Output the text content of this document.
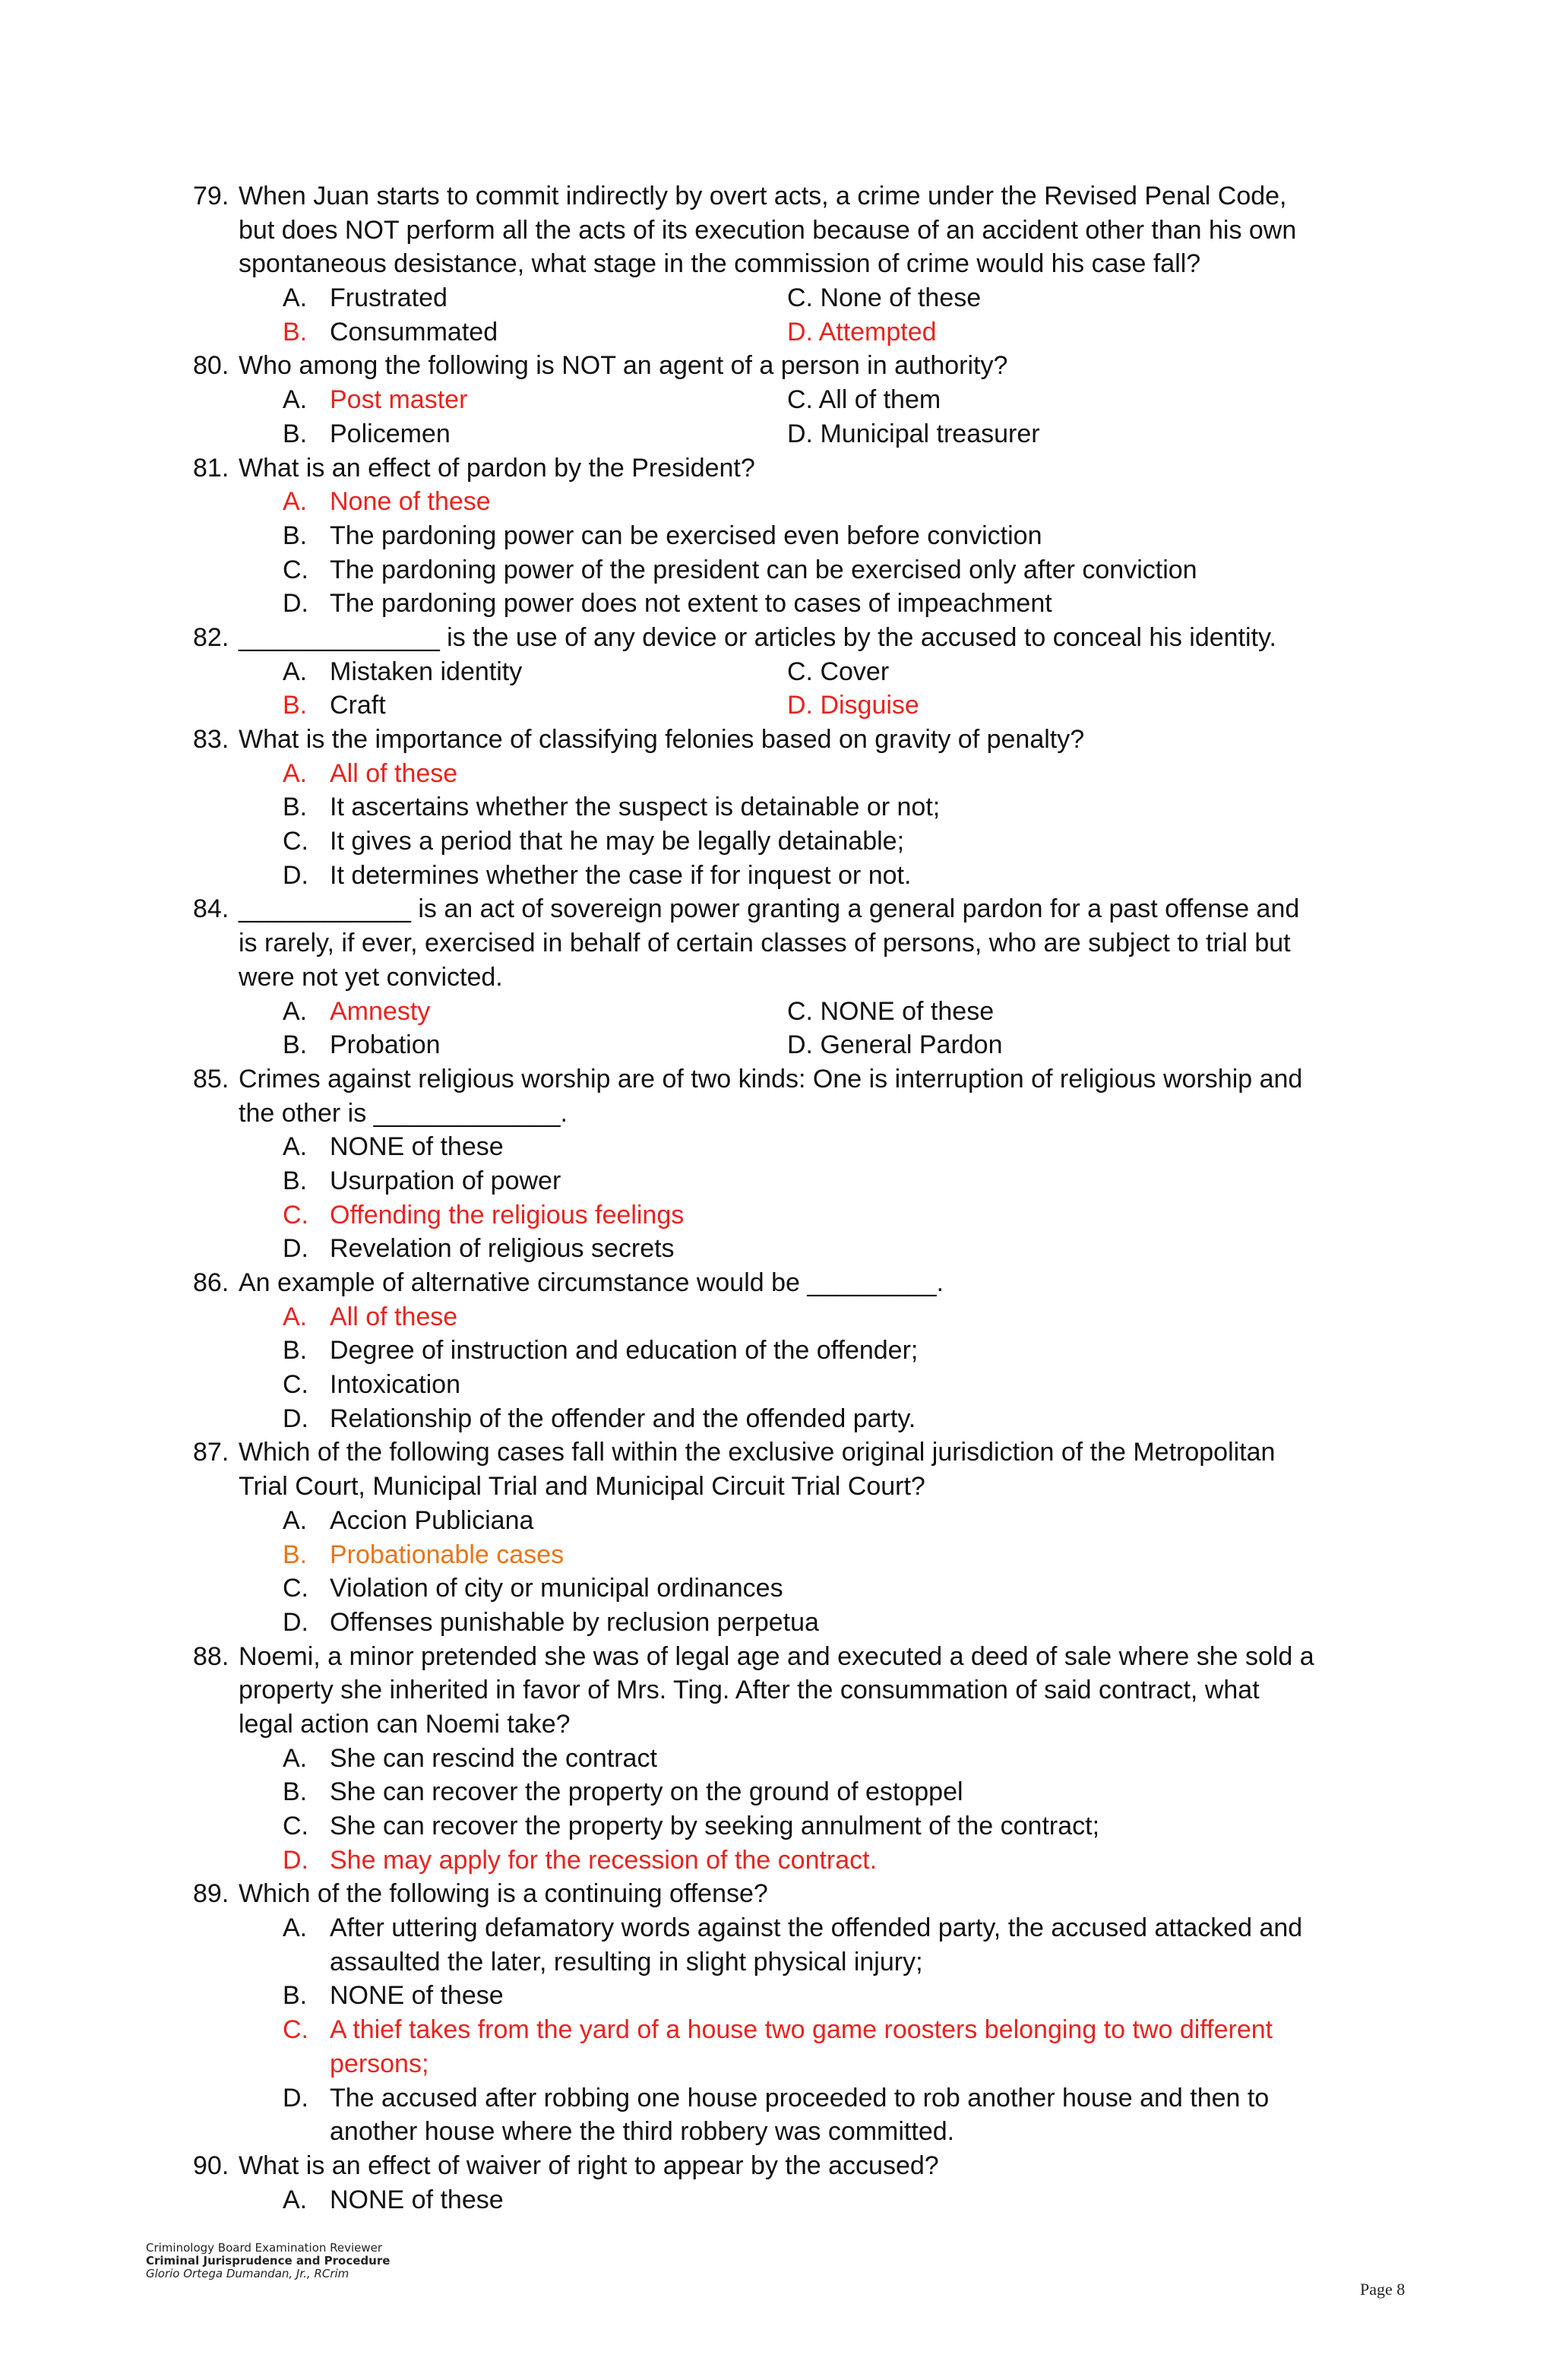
79. When Juan starts to commit indirectly by overt acts, a crime under the Revised Penal Code,
but does NOT perform all the acts of its execution because of an accident other than his own
spontaneous desistance, what stage in the commission of crime would his case fall?
A. Frustrated	C. None of these
B. Consummated	D. Attempted
80. Who among the following is NOT an agent of a person in authority?
A. Post master	C. All of them
B. Policemen	D. Municipal treasurer
81. What is an effect of pardon by the President?
A. None of these
B. The pardoning power can be exercised even before conviction
C. The pardoning power of the president can be exercised only after conviction
D. The pardoning power does not extent to cases of impeachment
82. ______________ is the use of any device or articles by the accused to conceal his identity.
A. Mistaken identity	C. Cover
B. Craft	D. Disguise
83. What is the importance of classifying felonies based on gravity of penalty?
A. All of these
B. It ascertains whether the suspect is detainable or not;
C. It gives a period that he may be legally detainable;
D. It determines whether the case if for inquest or not.
84. ____________ is an act of sovereign power granting a general pardon for a past offense and
is rarely, if ever, exercised in behalf of certain classes of persons, who are subject to trial but
were not yet convicted.
A. Amnesty	C. NONE of these
B. Probation	D. General Pardon
85. Crimes against religious worship are of two kinds: One is interruption of religious worship and
the other is _____________.
A. NONE of these
B. Usurpation of power
C. Offending the religious feelings
D. Revelation of religious secrets
86. An example of alternative circumstance would be _________.
A. All of these
B. Degree of instruction and education of the offender;
C. Intoxication
D. Relationship of the offender and the offended party.
87. Which of the following cases fall within the exclusive original jurisdiction of the Metropolitan
Trial Court, Municipal Trial and Municipal Circuit Trial Court?
A. Accion Publiciana
B. Probationable cases
C. Violation of city or municipal ordinances
D. Offenses punishable by reclusion perpetua
88. Noemi, a minor pretended she was of legal age and executed a deed of sale where she sold a
property she inherited in favor of Mrs. Ting. After the consummation of said contract, what
legal action can Noemi take?
A. She can rescind the contract
B. She can recover the property on the ground of estoppel
C. She can recover the property by seeking annulment of the contract;
D. She may apply for the recession of the contract.
89. Which of the following is a continuing offense?
A. After uttering defamatory words against the offended party, the accused attacked and
assaulted the later, resulting in slight physical injury;
B. NONE of these
C. A thief takes from the yard of a house two game roosters belonging to two different
persons;
D. The accused after robbing one house proceeded to rob another house and then to
another house where the third robbery was committed.
90. What is an effect of waiver of right to appear by the accused?
A. NONE of these
Criminology Board Examination Reviewer
Criminal Jurisprudence and Procedure
Glorio Ortega Dumandan, Jr., RCrim
Page 8
